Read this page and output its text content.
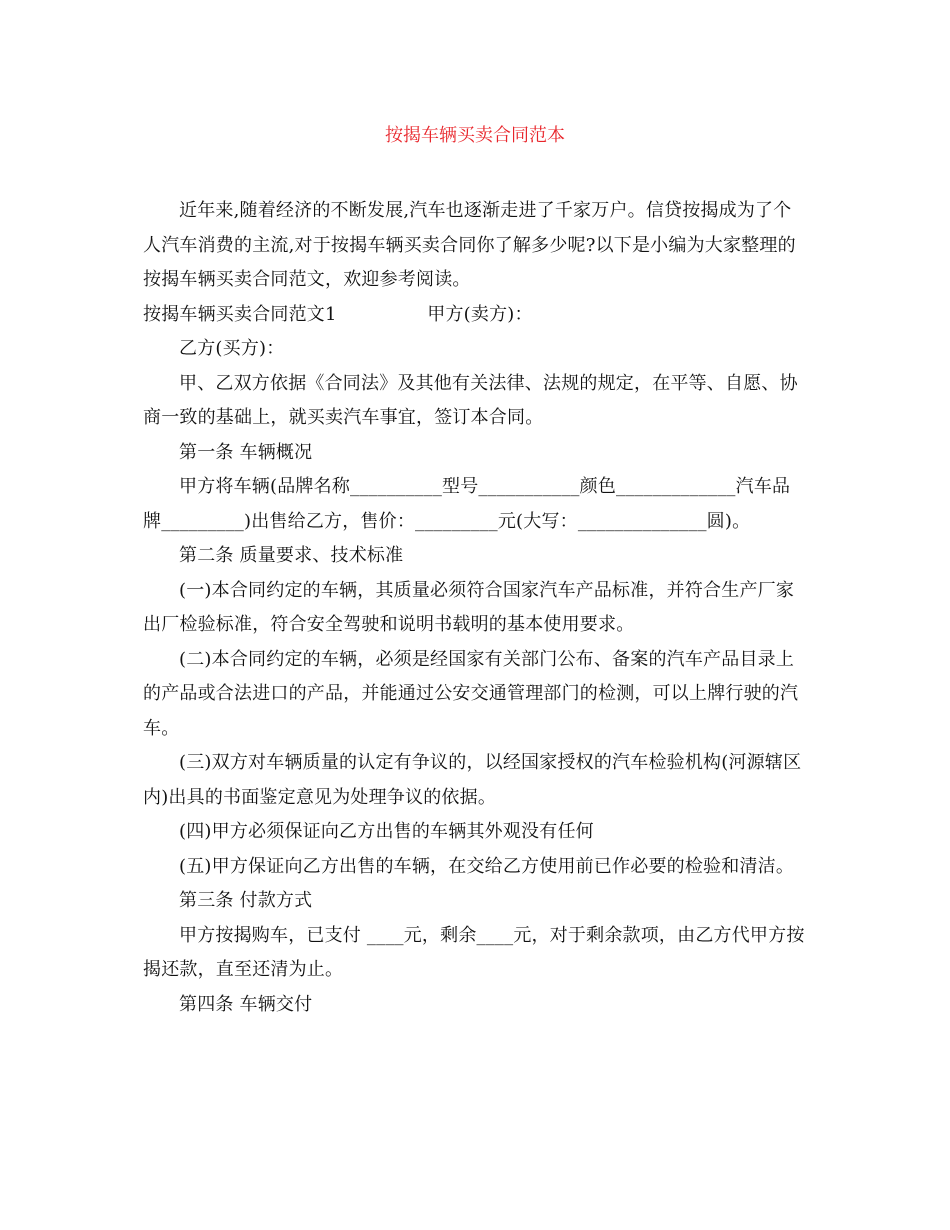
按揭车辆买卖合同范本

近年来,随着经济的不断发展,汽车也逐渐走进了千家万户。信贷按揭成为了个人汽车消费的主流,对于按揭车辆买卖合同你了解多少呢?以下是小编为大家整理的按揭车辆买卖合同范文，欢迎参考阅读。

按揭车辆买卖合同范文1		甲方(卖方)：

乙方(买方)：

甲、乙双方依据《合同法》及其他有关法律、法规的规定，在平等、自愿、协商一致的基础上，就买卖汽车事宜，签订本合同。

第一条 车辆概况

甲方将车辆(品牌名称__________型号___________颜色_____________汽车品牌_________)出售给乙方，售价：_________元(大写：______________圆)。

第二条 质量要求、技术标准

(一)本合同约定的车辆，其质量必须符合国家汽车产品标准，并符合生产厂家出厂检验标准，符合安全驾驶和说明书载明的基本使用要求。

(二)本合同约定的车辆，必须是经国家有关部门公布、备案的汽车产品目录上的产品或合法进口的产品，并能通过公安交通管理部门的检测，可以上牌行驶的汽车。

(三)双方对车辆质量的认定有争议的，以经国家授权的汽车检验机构(河源辖区内)出具的书面鉴定意见为处理争议的依据。

(四)甲方必须保证向乙方出售的车辆其外观没有任何

(五)甲方保证向乙方出售的车辆，在交给乙方使用前已作必要的检验和清洁。

第三条 付款方式

甲方按揭购车，已支付 ____元，剩余____元，对于剩余款项，由乙方代甲方按揭还款，直至还清为止。

第四条 车辆交付
